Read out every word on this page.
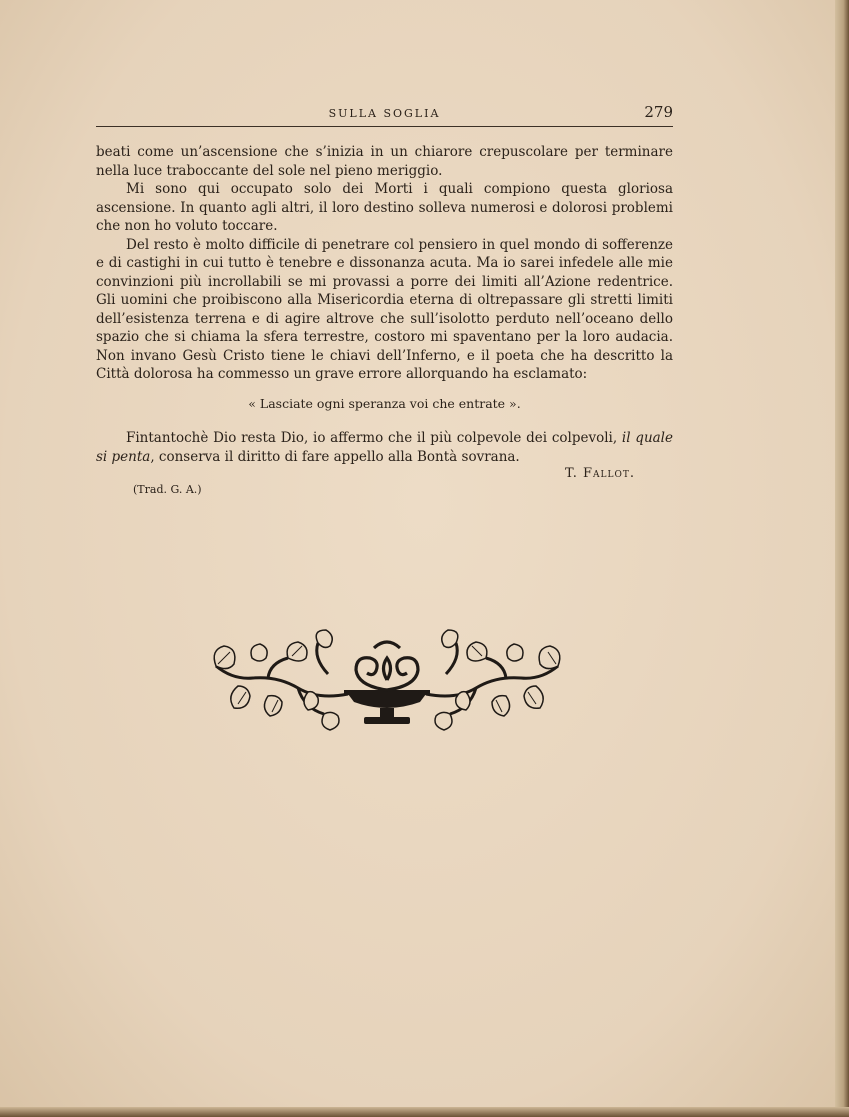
SULLA SOGLIA	279

beati come un’ascensione che s’inizia in un chiarore crepuscolare per terminare nella luce traboccante del sole nel pieno meriggio.

Mi sono qui occupato solo dei Morti i quali compiono questa gloriosa ascensione. In quanto agli altri, il loro destino solleva numerosi e dolorosi problemi che non ho voluto toccare.

Del resto è molto difficile di penetrare col pensiero in quel mondo di sofferenze e di castighi in cui tutto è tenebre e dissonanza acuta. Ma io sarei infedele alle mie convinzioni più incrollabili se mi provassi a porre dei limiti all’Azione redentrice. Gli uomini che proibiscono alla Misericordia eterna di oltrepassare gli stretti limiti dell’esistenza terrena e di agire altrove che sull’isolotto perduto nell’oceano dello spazio che si chiama la sfera terrestre, costoro mi spaventano per la loro audacia. Non invano Gesù Cristo tiene le chiavi dell’Inferno, e il poeta che ha descritto la Città dolorosa ha commesso un grave errore allorquando ha esclamato:

« Lasciate ogni speranza voi che entrate ».

Fintantochè Dio resta Dio, io affermo che il più colpevole dei colpevoli, il quale si penta, conserva il diritto di fare appello alla Bontà sovrana.

T. Fallot.
(Trad. G. A.)
